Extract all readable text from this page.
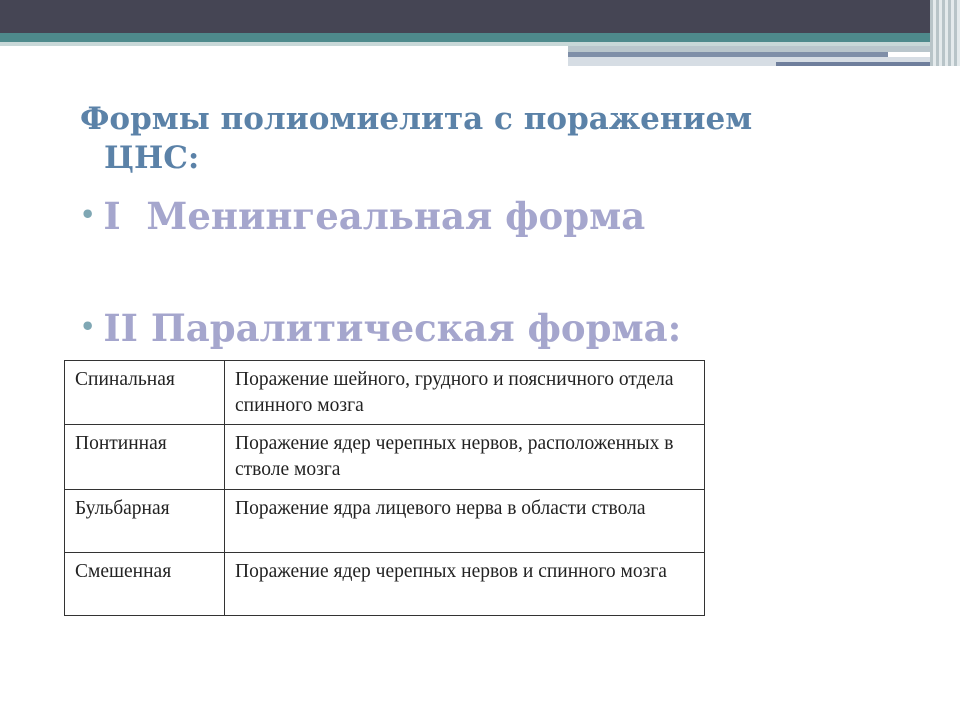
Формы полиомиелита с поражением
ЦНС:

• I  Менингеальная форма

• II Паралитическая форма:

Спинальная	Поражение шейного, грудного и поясничного отдела спинного мозга
Понтинная	Поражение ядер черепных нервов, расположенных в стволе мозга
Бульбарная	Поражение ядра лицевого нерва в области ствола
Смешенная	Поражение ядер черепных нервов и спинного мозга
